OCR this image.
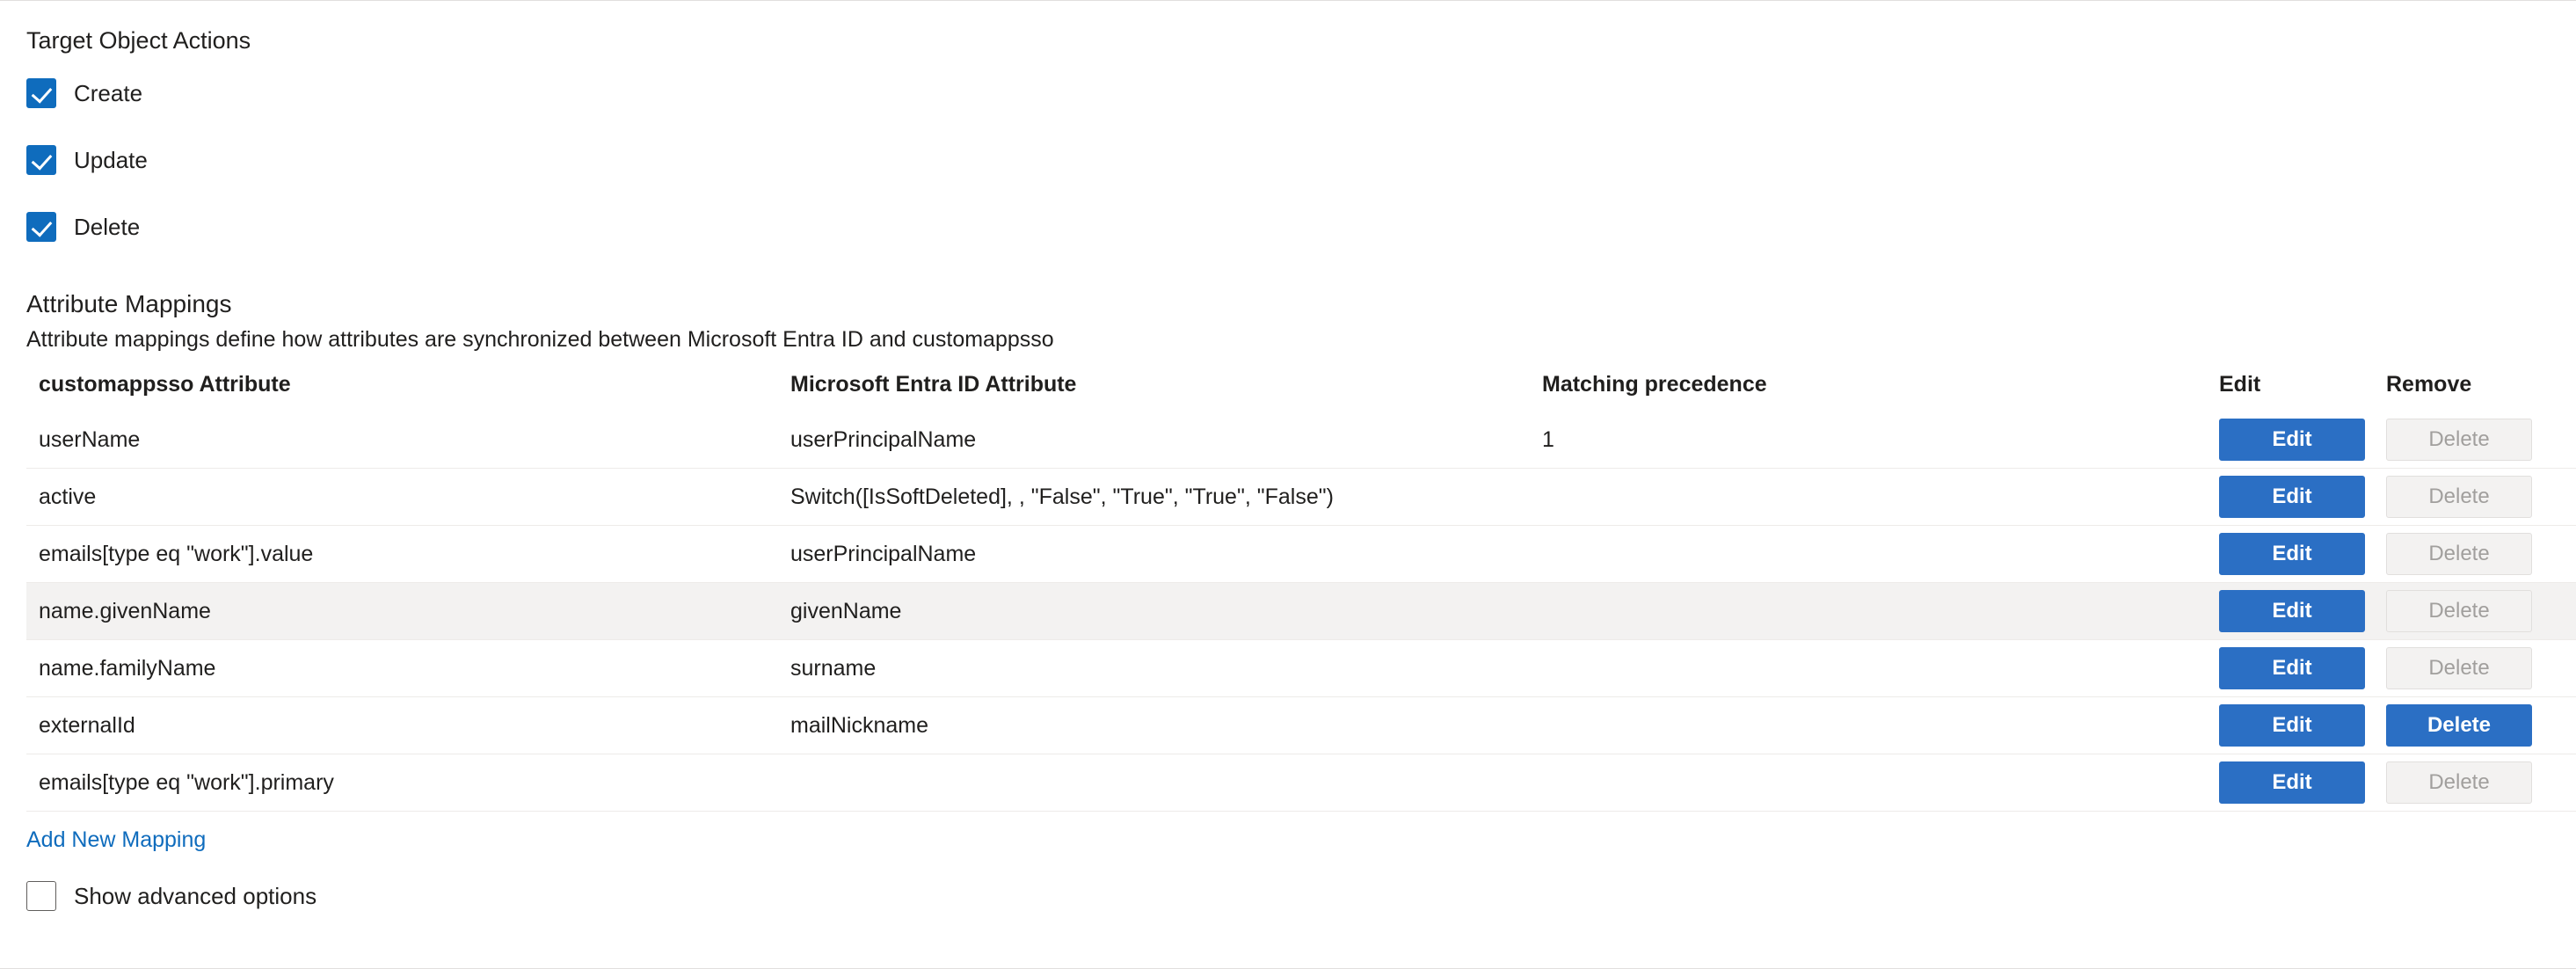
Target Object Actions
Create
Update
Delete
Attribute Mappings
Attribute mappings define how attributes are synchronized between Microsoft Entra ID and customappsso
customappsso Attribute	Microsoft Entra ID Attribute	Matching precedence	Edit	Remove
userName	userPrincipalName	1	Edit	Delete

active	Switch([IsSoftDeleted], , "False", "True", "True", "False")		Edit	Delete

emails[type eq "work"].value	userPrincipalName		Edit	Delete

name.givenName	givenName		Edit	Delete

name.familyName	surname		Edit	Delete

externalId	mailNickname		Edit	Delete

emails[type eq "work"].primary			Edit	Delete
Add New Mapping
Show advanced options
